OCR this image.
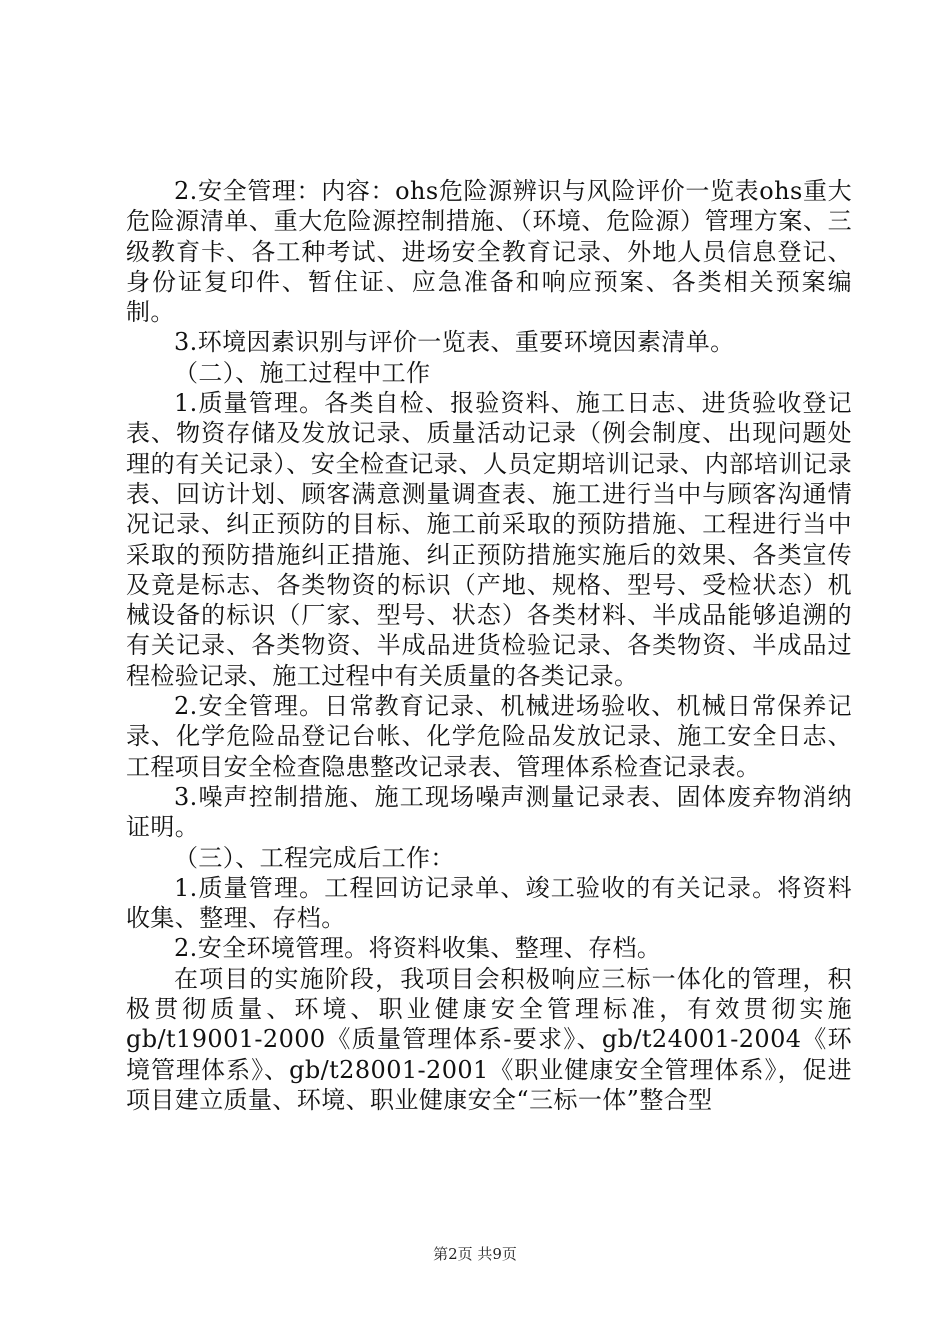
2.安全管理：内容：ohs危险源辨识与风险评价一览表ohs重大危险源清单、重大危险源控制措施、（环境、危险源）管理方案、三级教育卡、各工种考试、进场安全教育记录、外地人员信息登记、身份证复印件、暂住证、应急准备和响应预案、各类相关预案编制。

3.环境因素识别与评价一览表、重要环境因素清单。

（二）、施工过程中工作

1.质量管理。各类自检、报验资料、施工日志、进货验收登记表、物资存储及发放记录、质量活动记录（例会制度、出现问题处理的有关记录）、安全检查记录、人员定期培训记录、内部培训记录表、回访计划、顾客满意测量调查表、施工进行当中与顾客沟通情况记录、纠正预防的目标、施工前采取的预防措施、工程进行当中采取的预防措施纠正措施、纠正预防措施实施后的效果、各类宣传及竟是标志、各类物资的标识（产地、规格、型号、受检状态）机械设备的标识（厂家、型号、状态）各类材料、半成品能够追溯的有关记录、各类物资、半成品进货检验记录、各类物资、半成品过程检验记录、施工过程中有关质量的各类记录。

2.安全管理。日常教育记录、机械进场验收、机械日常保养记录、化学危险品登记台帐、化学危险品发放记录、施工安全日志、工程项目安全检查隐患整改记录表、管理体系检查记录表。

3.噪声控制措施、施工现场噪声测量记录表、固体废弃物消纳证明。

（三）、工程完成后工作：

1.质量管理。工程回访记录单、竣工验收的有关记录。将资料收集、整理、存档。

2.安全环境管理。将资料收集、整理、存档。

在项目的实施阶段，我项目会积极响应三标一体化的管理，积极贯彻质量、环境、职业健康安全管理标准，有效贯彻实施gb/t19001-2000《质量管理体系-要求》、gb/t24001-2004《环境管理体系》、gb/t28001-2001《职业健康安全管理体系》，促进项目建立质量、环境、职业健康安全“三标一体”整合型

第2页 共9页
